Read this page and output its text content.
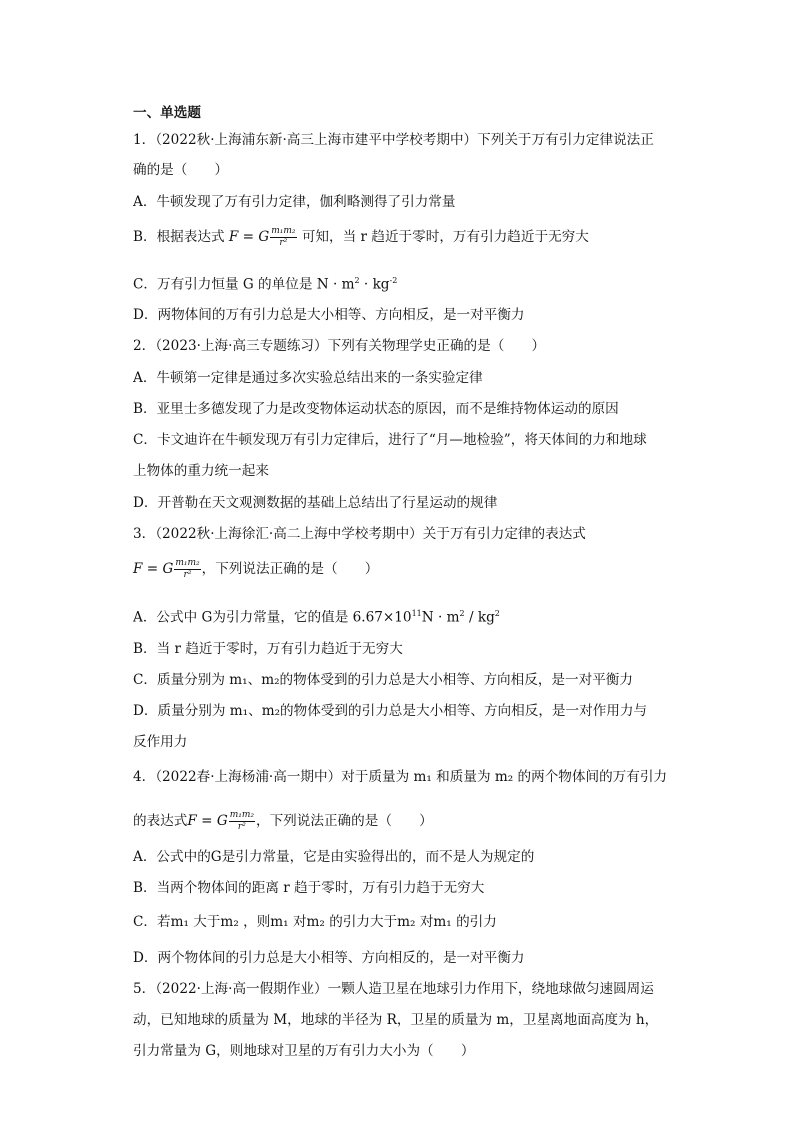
一、单选题
1．（2022秋·上海浦东新·高三上海市建平中学校考期中）下列关于万有引力定律说法正
确的是（　　）
A．牛顿发现了万有引力定律，伽利略测得了引力常量
B．根据表达式 F = G $\frac{\text{m₁m₂}}{\text{r²}}$ 可知，当 r 趋近于零时，万有引力趋近于无穷大
C．万有引力恒量 G 的单位是 $N \cdot m^2 \cdot kg^{-2}$
D．两物体间的万有引力总是大小相等、方向相反，是一对平衡力
2．（2023·上海·高三专题练习）下列有关物理学史正确的是（　　）
A．牛顿第一定律是通过多次实验总结出来的一条实验定律
B．亚里士多德发现了力是改变物体运动状态的原因，而不是维持物体运动的原因
C．卡文迪许在牛顿发现万有引力定律后，进行了“月—地检验”，将天体间的力和地球
上物体的重力统一起来
D．开普勒在天文观测数据的基础上总结出了行星运动的规律
3．（2022秋·上海徐汇·高二上海中学校考期中）关于万有引力定律的表达式
F = G $\frac{\text{m₁m₂}}{\text{r²}}$ ，下列说法正确的是（　　）
A．公式中 G为引力常量，它的值是 $6.67\times 10^{11}N \cdot m^2 / kg^2$
B．当 r 趋近于零时，万有引力趋近于无穷大
C．质量分别为 m₁、m₂的物体受到的引力总是大小相等、方向相反，是一对平衡力
D．质量分别为 m₁、m₂的物体受到的引力总是大小相等、方向相反，是一对作用力与
反作用力
4．（2022春·上海杨浦·高一期中）对于质量为 m₁ 和质量为 m₂ 的两个物体间的万有引力
的表达式F = G $\frac{\text{m₁m₂}}{\text{r²}}$ ，下列说法正确的是（　　）
A．公式中的G是引力常量，它是由实验得出的，而不是人为规定的
B．当两个物体间的距离 r 趋于零时，万有引力趋于无穷大
C．若m₁ 大于m₂ ，则m₁ 对m₂ 的引力大于m₂ 对m₁ 的引力
D．两个物体间的引力总是大小相等、方向相反的，是一对平衡力
5．（2022·上海·高一假期作业）一颗人造卫星在地球引力作用下，绕地球做匀速圆周运
动，已知地球的质量为 M，地球的半径为 R，卫星的质量为 m，卫星离地面高度为 h，
引力常量为 G，则地球对卫星的万有引力大小为（　　）
